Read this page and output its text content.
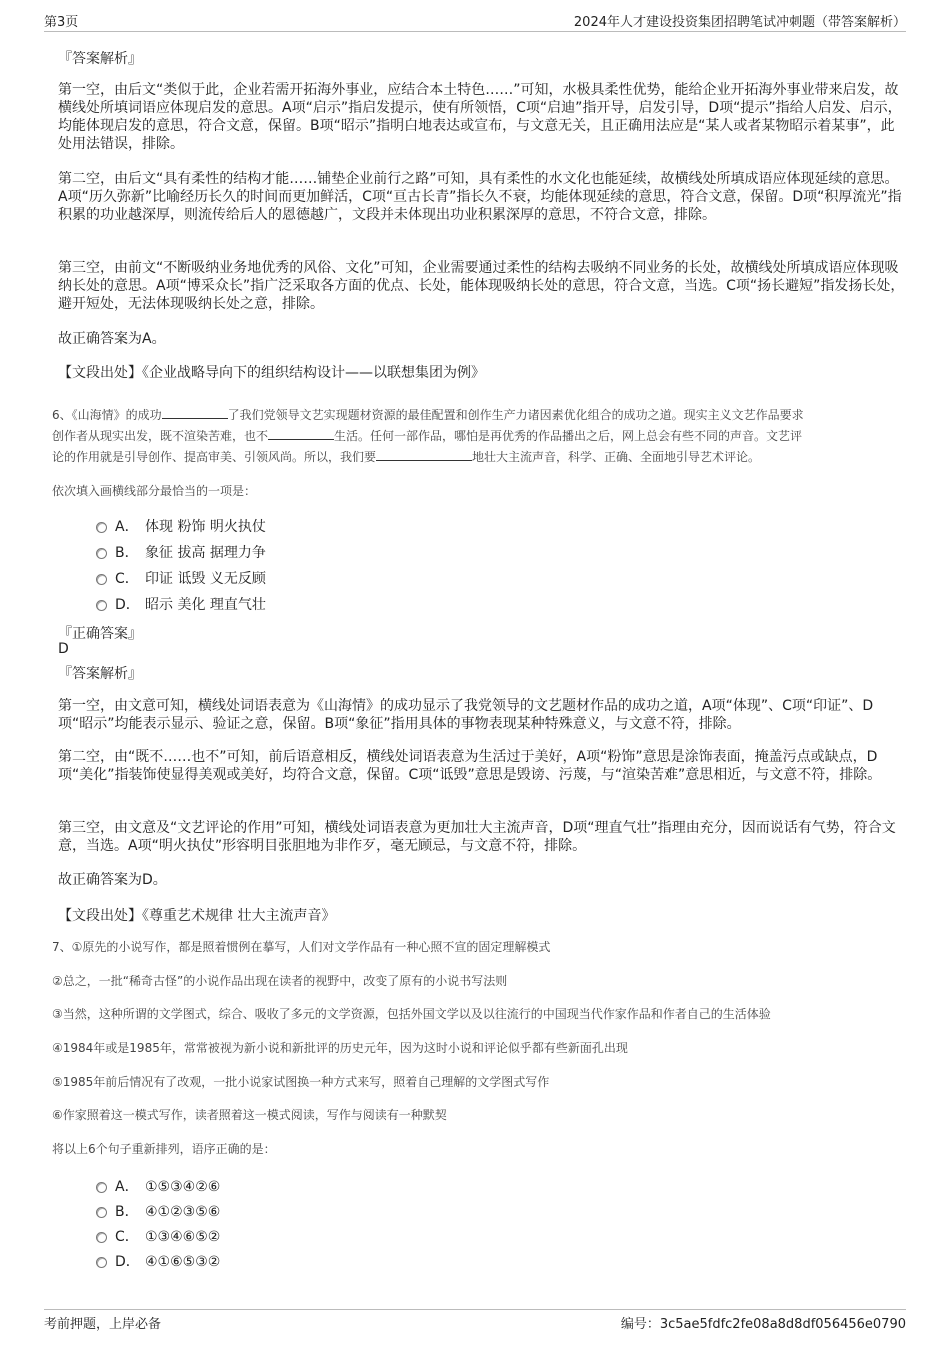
第3页	2024年人才建设投资集团招聘笔试冲刺题（带答案解析）
『答案解析』

第一空，由后文“类似于此，企业若需开拓海外事业，应结合本土特色……”可知，水极具柔性优势，能给企业开拓海外事业带来启发，故横线处所填词语应体现启发的意思。A项“启示”指启发提示，使有所领悟，C项“启迪”指开导，启发引导，D项“提示”指给人启发、启示，均能体现启发的意思，符合文意，保留。B项“昭示”指明白地表达或宣布，与文意无关，且正确用法应是“某人或者某物昭示着某事”，此处用法错误，排除。

第二空，由后文“具有柔性的结构才能……铺垫企业前行之路”可知，具有柔性的水文化也能延续，故横线处所填成语应体现延续的意思。A项“历久弥新”比喻经历长久的时间而更加鲜活，C项“亘古长青”指长久不衰，均能体现延续的意思，符合文意，保留。D项“积厚流光”指积累的功业越深厚，则流传给后人的恩德越广，文段并未体现出功业积累深厚的意思，不符合文意，排除。

第三空，由前文“不断吸纳业务地优秀的风俗、文化”可知，企业需要通过柔性的结构去吸纳不同业务的长处，故横线处所填成语应体现吸纳长处的意思。A项“博采众长”指广泛采取各方面的优点、长处，能体现吸纳长处的意思，符合文意，当选。C项“扬长避短”指发扬长处，避开短处，无法体现吸纳长处之意，排除。

故正确答案为A。

【文段出处】《企业战略导向下的组织结构设计——以联想集团为例》
6、《山海情》的成功	了我们党领导文艺实现题材资源的最佳配置和创作生产力诸因素优化组合的成功之道。现实主义文艺作品要求
创作者从现实出发，既不渲染苦难，也不	生活。任何一部作品，哪怕是再优秀的作品播出之后，网上总会有些不同的声音。文艺评
论的作用就是引导创作、提高审美、引领风尚。所以，我们要	地壮大主流声音，科学、正确、全面地引导艺术评论。
依次填入画横线部分最恰当的一项是：
A． 体现 粉饰 明火执仗
B． 象征 拔高 据理力争
C． 印证 诋毁 义无反顾
D． 昭示 美化 理直气壮
『正确答案』
D
『答案解析』

第一空，由文意可知，横线处词语表意为《山海情》的成功显示了我党领导的文艺题材作品的成功之道，A项“体现”、C项“印证”、D项“昭示”均能表示显示、验证之意，保留。B项“象征”指用具体的事物表现某种特殊意义，与文意不符，排除。

第二空，由“既不……也不”可知，前后语意相反，横线处词语表意为生活过于美好，A项“粉饰”意思是涂饰表面，掩盖污点或缺点，D项“美化”指装饰使显得美观或美好，均符合文意，保留。C项“诋毁”意思是毁谤、污蔑，与“渲染苦难”意思相近，与文意不符，排除。

第三空，由文意及“文艺评论的作用”可知，横线处词语表意为更加壮大主流声音，D项“理直气壮”指理由充分，因而说话有气势，符合文意，当选。A项“明火执仗”形容明目张胆地为非作歹，毫无顾忌，与文意不符，排除。

故正确答案为D。

【文段出处】《尊重艺术规律 壮大主流声音》
7、①原先的小说写作，都是照着惯例在摹写，人们对文学作品有一种心照不宣的固定理解模式
②总之，一批“稀奇古怪”的小说作品出现在读者的视野中，改变了原有的小说书写法则
③当然，这种所谓的文学图式，综合、吸收了多元的文学资源，包括外国文学以及以往流行的中国现当代作家作品和作者自己的生活体验
④1984年或是1985年，常常被视为新小说和新批评的历史元年，因为这时小说和评论似乎都有些新面孔出现
⑤1985年前后情况有了改观，一批小说家试图换一种方式来写，照着自己理解的文学图式写作
⑥作家照着这一模式写作，读者照着这一模式阅读，写作与阅读有一种默契
将以上6个句子重新排列，语序正确的是：
A． ①⑤③④②⑥
B． ④①②③⑤⑥
C． ①③④⑥⑤②
D． ④①⑥⑤③②
考前押题，上岸必备	编号：3c5ae5fdfc2fe08a8d8df056456e0790
